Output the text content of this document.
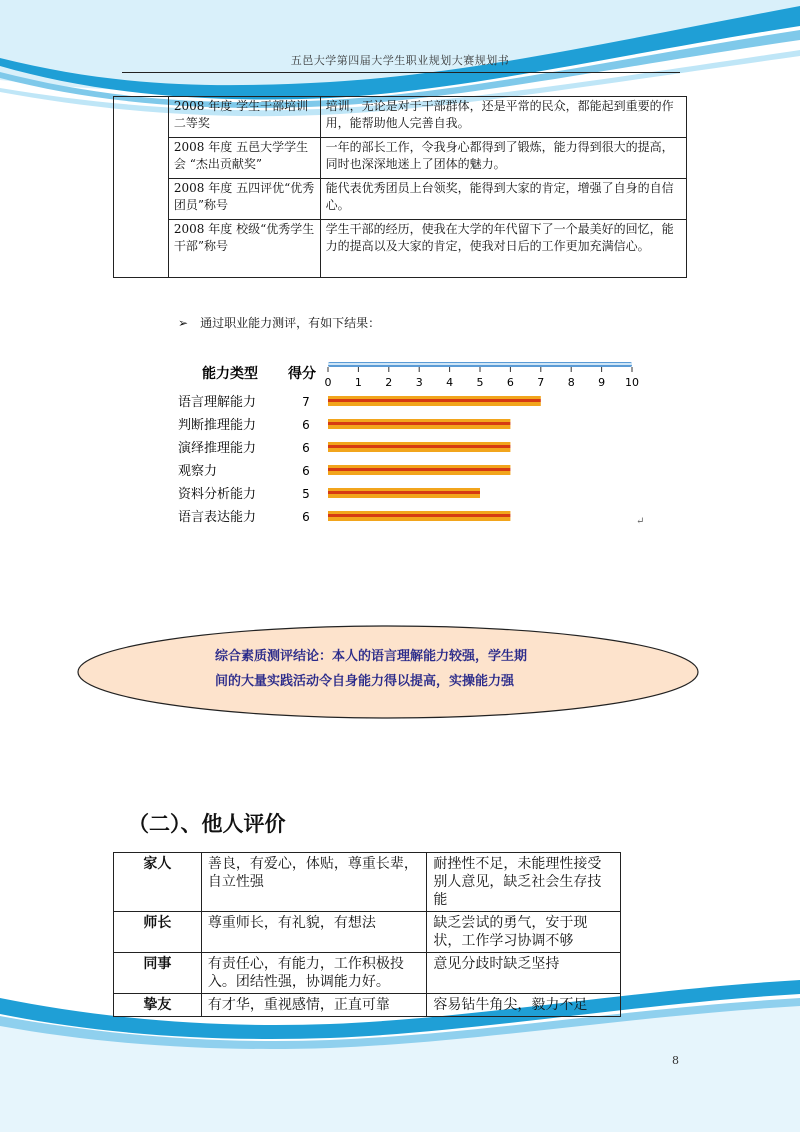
五邑大学第四届大学生职业规划大赛规划书
	2008 年度 学生干部培训 二等奖	培训，无论是对于干部群体，还是平常的民众，都能起到重要的作用，能帮助他人完善自我。
	2008 年度 五邑大学学生会 “杰出贡献奖”	一年的部长工作，令我身心都得到了锻炼，能力得到很大的提高，同时也深深地迷上了团体的魅力。
	2008 年度 五四评优“优秀团员”称号	能代表优秀团员上台领奖，能得到大家的肯定，增强了自身的自信心。
	2008 年度 校级“优秀学生干部”称号	学生干部的经历，使我在大学的年代留下了一个最美好的回忆，能力的提高以及大家的肯定，使我对日后的工作更加充满信心。
➢ 通过职业能力测评，有如下结果：
能力类型 得分
0 1 2 3 4 5 6 7 8 9 10
语言理解能力	7
判断推理能力	6
演绎推理能力	6
观察力	6
资料分析能力	5
语言表达能力	6	↵
综合素质测评结论：本人的语言理解能力较强，学生期间的大量实践活动令自身能力得以提高，实操能力强
（二）、他人评价
家人	善良，有爱心，体贴，尊重长辈，自立性强	耐挫性不足，未能理性接受别人意见，缺乏社会生存技能
师长	尊重师长，有礼貌，有想法	缺乏尝试的勇气，安于现状，工作学习协调不够
同事	有责任心，有能力，工作积极投入。团结性强，协调能力好。	意见分歧时缺乏坚持
挚友	有才华，重视感情，正直可靠	容易钻牛角尖，毅力不足
8
